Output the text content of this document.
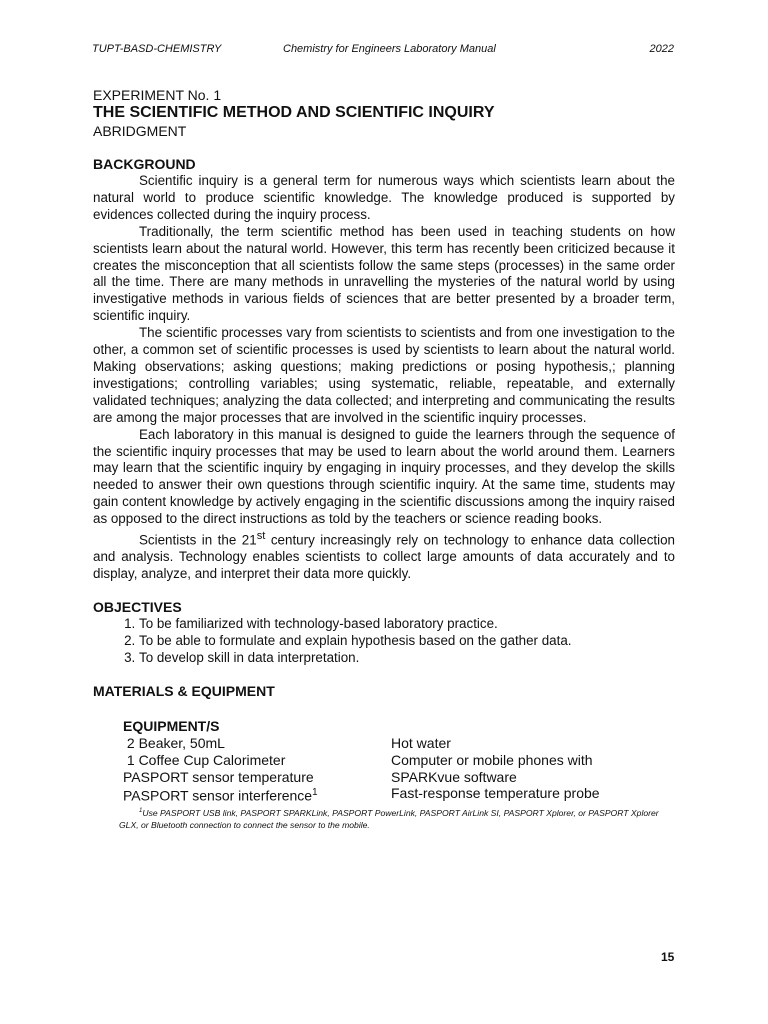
TUPT-BASD-CHEMISTRY	Chemistry for Engineers Laboratory Manual	2022
EXPERIMENT No. 1
THE SCIENTIFIC METHOD AND SCIENTIFIC INQUIRY
ABRIDGMENT
BACKGROUND

Scientific inquiry is a general term for numerous ways which scientists learn about the natural world to produce scientific knowledge. The knowledge produced is supported by evidences collected during the inquiry process.

Traditionally, the term scientific method has been used in teaching students on how scientists learn about the natural world. However, this term has recently been criticized because it creates the misconception that all scientists follow the same steps (processes) in the same order all the time. There are many methods in unravelling the mysteries of the natural world by using investigative methods in various fields of sciences that are better presented by a broader term, scientific inquiry.

The scientific processes vary from scientists to scientists and from one investigation to the other, a common set of scientific processes is used by scientists to learn about the natural world. Making observations; asking questions; making predictions or posing hypothesis,; planning investigations; controlling variables; using systematic, reliable, repeatable, and externally validated techniques; analyzing the data collected; and interpreting and communicating the results are among the major processes that are involved in the scientific inquiry processes.

Each laboratory in this manual is designed to guide the learners through the sequence of the scientific inquiry processes that may be used to learn about the world around them. Learners may learn that the scientific inquiry by engaging in inquiry processes, and they develop the skills needed to answer their own questions through scientific inquiry. At the same time, students may gain content knowledge by actively engaging in the scientific discussions among the inquiry raised as opposed to the direct instructions as told by the teachers or science reading books.

Scientists in the 21st century increasingly rely on technology to enhance data collection and analysis. Technology enables scientists to collect large amounts of data accurately and to display, analyze, and interpret their data more quickly.

OBJECTIVES
1. To be familiarized with technology-based laboratory practice.
2. To be able to formulate and explain hypothesis based on the gather data.
3. To develop skill in data interpretation.
MATERIALS & EQUIPMENT
EQUIPMENT/S
2 Beaker, 50mL	Hot water
1 Coffee Cup Calorimeter	Computer or mobile phones with
PASPORT sensor temperature	SPARKvue software
PASPORT sensor interference$^1$	Fast-response temperature probe
$^1$Use PASPORT USB link, PASPORT SPARKLink, PASPORT PowerLink, PASPORT AirLink SI, PASPORT Xplorer, or PASPORT Xplorer GLX, or Bluetooth connection to connect the sensor to the mobile.
15
